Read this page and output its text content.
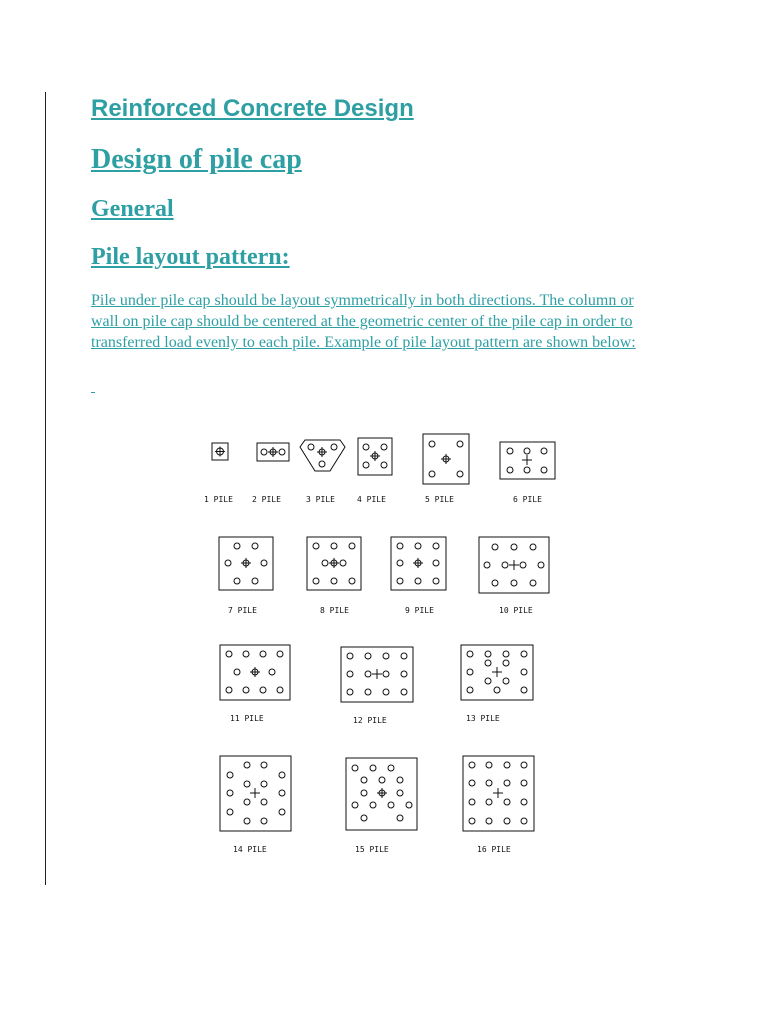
Reinforced Concrete Design
Design of pile cap
General
Pile layout pattern:

Pile under pile cap should be layout symmetrically in both directions. The column or
wall on pile cap should be centered at the geometric center of the pile cap in order to
transferred load evenly to each pile. Example of pile layout pattern are shown below:

1 PILE 2 PILE	3 PILE	4 PILE	5 PILE	6 PILE
7 PILE	8 PILE	9 PILE	10 PILE
11 PILE	12 PILE	13 PILE
14 PILE	15 PILE	16 PILE
